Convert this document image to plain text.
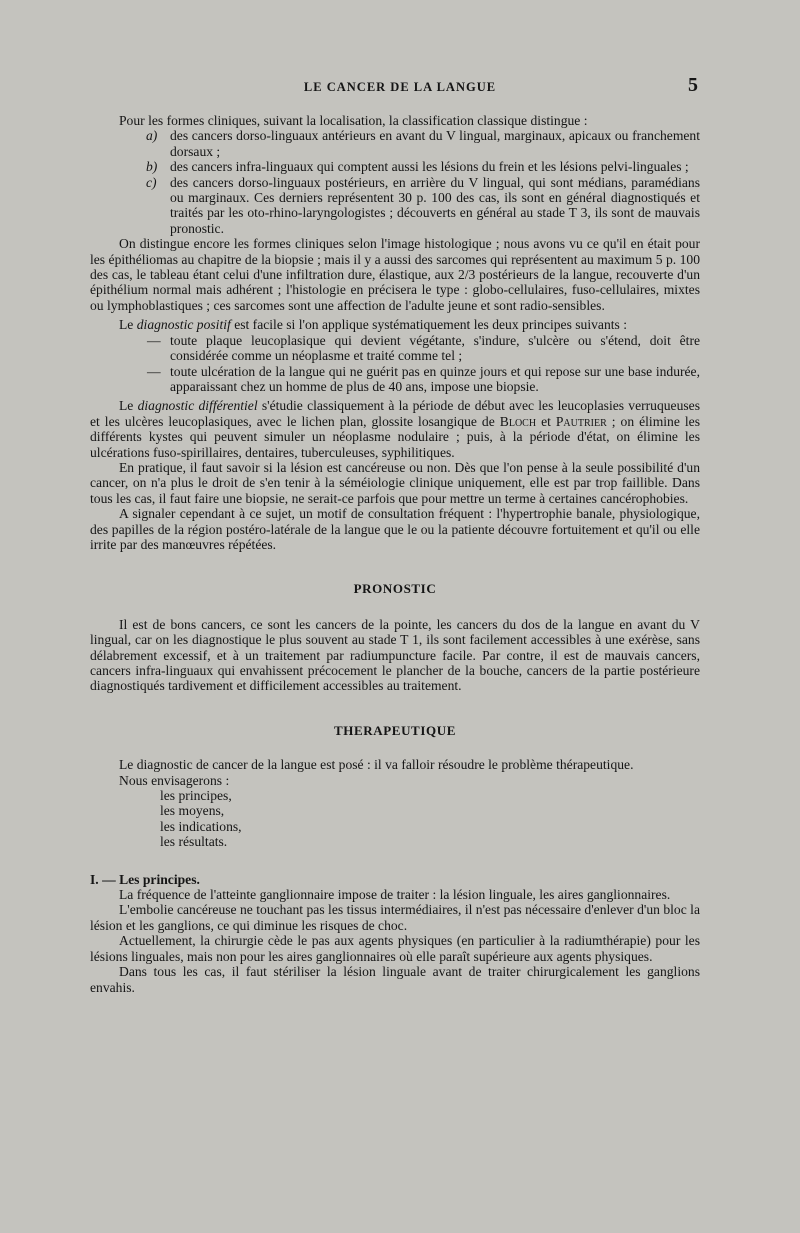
LE CANCER DE LA LANGUE	5

Pour les formes cliniques, suivant la localisation, la classification classique distingue :

a) des cancers dorso-linguaux antérieurs en avant du V lingual, marginaux, apicaux ou franchement dorsaux ;
b) des cancers infra-linguaux qui comptent aussi les lésions du frein et les lésions pelvi-linguales ;
c) des cancers dorso-linguaux postérieurs, en arrière du V lingual, qui sont médians, paramédians ou marginaux. Ces derniers représentent 30 p. 100 des cas, ils sont en général diagnostiqués et traités par les oto-rhino-laryngologistes ; découverts en général au stade T 3, ils sont de mauvais pronostic.

On distingue encore les formes cliniques selon l'image histologique ; nous avons vu ce qu'il en était pour les épithéliomas au chapitre de la biopsie ; mais il y a aussi des sarcomes qui représentent au maximum 5 p. 100 des cas, le tableau étant celui d'une infiltration dure, élastique, aux 2/3 postérieurs de la langue, recouverte d'un épithélium normal mais adhérent ; l'histologie en précisera le type : globo-cellulaires, fuso-cellulaires, mixtes ou lymphoblastiques ; ces sarcomes sont une affection de l'adulte jeune et sont radio-sensibles.

Le diagnostic positif est facile si l'on applique systématiquement les deux principes suivants :

— toute plaque leucoplasique qui devient végétante, s'indure, s'ulcère ou s'étend, doit être considérée comme un néoplasme et traité comme tel ;
— toute ulcération de la langue qui ne guérit pas en quinze jours et qui repose sur une base indurée, apparaissant chez un homme de plus de 40 ans, impose une biopsie.

Le diagnostic différentiel s'étudie classiquement à la période de début avec les leucoplasies verruqueuses et les ulcères leucoplasiques, avec le lichen plan, glossite losangique de Bloch et Pautrier ; on élimine les différents kystes qui peuvent simuler un néoplasme nodulaire ; puis, à la période d'état, on élimine les ulcérations fuso-spirillaires, dentaires, tuberculeuses, syphilitiques.

En pratique, il faut savoir si la lésion est cancéreuse ou non. Dès que l'on pense à la seule possibilité d'un cancer, on n'a plus le droit de s'en tenir à la séméiologie clinique uniquement, elle est par trop faillible. Dans tous les cas, il faut faire une biopsie, ne serait-ce parfois que pour mettre un terme à certaines cancérophobies.

A signaler cependant à ce sujet, un motif de consultation fréquent : l'hypertrophie banale, physiologique, des papilles de la région postéro-latérale de la langue que le ou la patiente découvre fortuitement et qu'il ou elle irrite par des manœuvres répétées.

PRONOSTIC

Il est de bons cancers, ce sont les cancers de la pointe, les cancers du dos de la langue en avant du V lingual, car on les diagnostique le plus souvent au stade T 1, ils sont facilement accessibles à une exérèse, sans délabrement excessif, et à un traitement par radiumpuncture facile. Par contre, il est de mauvais cancers, cancers infra-linguaux qui envahissent précocement le plancher de la bouche, cancers de la partie postérieure diagnostiqués tardivement et difficilement accessibles au traitement.

THERAPEUTIQUE

Le diagnostic de cancer de la langue est posé : il va falloir résoudre le problème thérapeutique.

Nous envisagerons :

les principes,
les moyens,
les indications,
les résultats.
I. — Les principes.

La fréquence de l'atteinte ganglionnaire impose de traiter : la lésion linguale, les aires ganglionnaires.

L'embolie cancéreuse ne touchant pas les tissus intermédiaires, il n'est pas nécessaire d'enlever d'un bloc la lésion et les ganglions, ce qui diminue les risques de choc.

Actuellement, la chirurgie cède le pas aux agents physiques (en particulier à la radiumthérapie) pour les lésions linguales, mais non pour les aires ganglionnaires où elle paraît supérieure aux agents physiques.

Dans tous les cas, il faut stériliser la lésion linguale avant de traiter chirurgicalement les ganglions envahis.
